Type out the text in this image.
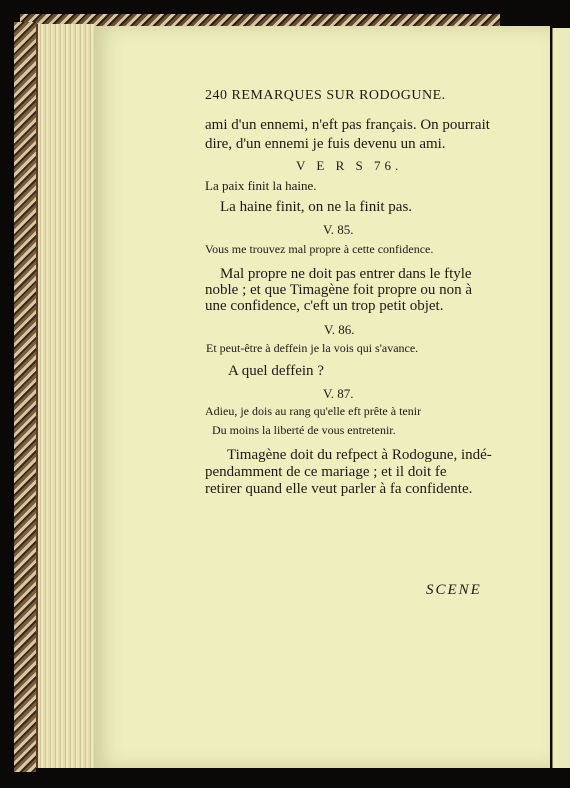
240 REMARQUES SUR RODOGUNE.
ami d'un ennemi, n'eft pas français. On pourrait
dire, d'un ennemi je fuis devenu un ami.
V E R S 76.
La paix finit la haine.
La haine finit, on ne la finit pas.
V. 85.
Vous me trouvez mal propre à cette confidence.
Mal propre ne doit pas entrer dans le ftyle
noble ; et que Timagène foit propre ou non à
une confidence, c'eft un trop petit objet.
V. 86.
Et peut-être à deffein je la vois qui s'avance.
A quel deffein ?
V. 87.
Adieu, je dois au rang qu'elle eft prête à tenir
Du moins la liberté de vous entretenir.
Timagène doit du refpect à Rodogune, indé-
pendamment de ce mariage ; et il doit fe
retirer quand elle veut parler à fa confidente.
SCENE
